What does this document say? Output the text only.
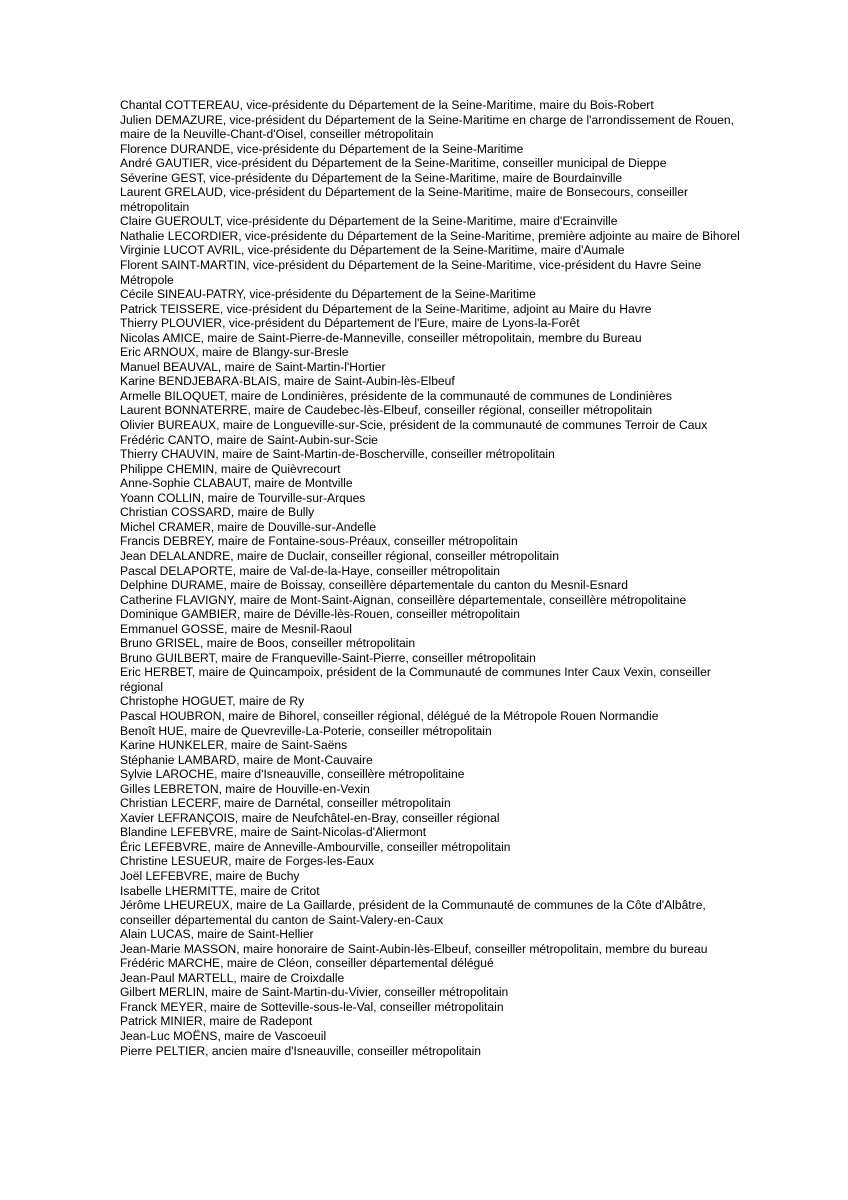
Chantal COTTEREAU, vice-présidente du Département de la Seine-Maritime, maire du Bois-Robert
Julien DEMAZURE, vice-président du Département de la Seine-Maritime en charge de l'arrondissement de Rouen, maire de la Neuville-Chant-d'Oisel, conseiller métropolitain
Florence DURANDE, vice-présidente du Département de la Seine-Maritime
André GAUTIER, vice-président du Département de la Seine-Maritime, conseiller municipal de Dieppe
Séverine GEST, vice-présidente du Département de la Seine-Maritime, maire de Bourdainville
Laurent GRELAUD, vice-président du Département de la Seine-Maritime, maire de Bonsecours, conseiller métropolitain
Claire GUEROULT, vice-présidente du Département de la Seine-Maritime, maire d'Ecrainville
Nathalie LECORDIER, vice-présidente du Département de la Seine-Maritime, première adjointe au maire de Bihorel
Virginie LUCOT AVRIL, vice-présidente du Département de la Seine-Maritime, maire d'Aumale
Florent SAINT-MARTIN, vice-président du Département de la Seine-Maritime, vice-président du Havre Seine Métropole
Cécile SINEAU-PATRY, vice-présidente du Département de la Seine-Maritime
Patrick TEISSERE, vice-président du Département de la Seine-Maritime, adjoint au Maire du Havre
Thierry PLOUVIER, vice-président du Département de l'Eure, maire de Lyons-la-Forêt
Nicolas AMICE, maire de Saint-Pierre-de-Manneville, conseiller métropolitain, membre du Bureau
Eric ARNOUX, maire de Blangy-sur-Bresle
Manuel BEAUVAL, maire de Saint-Martin-l'Hortier
Karine BENDJEBARA-BLAIS, maire de Saint-Aubin-lès-Elbeuf
Armelle BILOQUET, maire de Londinières, présidente de la communauté de communes de Londinières
Laurent BONNATERRE, maire de Caudebec-lès-Elbeuf, conseiller régional, conseiller métropolitain
Olivier BUREAUX, maire de Longueville-sur-Scie, président de la communauté de communes Terroir de Caux
Frédéric CANTO, maire de Saint-Aubin-sur-Scie
Thierry CHAUVIN, maire de Saint-Martin-de-Boscherville, conseiller métropolitain
Philippe CHEMIN, maire de Quièvrecourt
Anne-Sophie CLABAUT, maire de Montville
Yoann COLLIN, maire de Tourville-sur-Arques
Christian COSSARD, maire de Bully
Michel CRAMER, maire de Douville-sur-Andelle
Francis DEBREY, maire de Fontaine-sous-Préaux, conseiller métropolitain
Jean DELALANDRE, maire de Duclair, conseiller régional, conseiller métropolitain
Pascal DELAPORTE, maire de Val-de-la-Haye, conseiller métropolitain
Delphine DURAME, maire de Boissay, conseillère départementale du canton du Mesnil-Esnard
Catherine FLAVIGNY, maire de Mont-Saint-Aignan, conseillère départementale, conseillère métropolitaine
Dominique GAMBIER, maire de Déville-lès-Rouen, conseiller métropolitain
Emmanuel GOSSE, maire de Mesnil-Raoul
Bruno GRISEL, maire de Boos, conseiller métropolitain
Bruno GUILBERT, maire de Franqueville-Saint-Pierre, conseiller métropolitain
Eric HERBET, maire de Quincampoix, président de la Communauté de communes Inter Caux Vexin, conseiller régional
Christophe HOGUET, maire de Ry
Pascal HOUBRON, maire de Bihorel, conseiller régional, délégué de la Métropole Rouen Normandie
Benoît HUE, maire de Quevreville-La-Poterie, conseiller métropolitain
Karine HUNKELER, maire de Saint-Saëns
Stéphanie LAMBARD, maire de Mont-Cauvaire
Sylvie LAROCHE, maire d'Isneauville, conseillère métropolitaine
Gilles LEBRETON, maire de Houville-en-Vexin
Christian LECERF, maire de Darnétal, conseiller métropolitain
Xavier LEFRANÇOIS, maire de Neufchâtel-en-Bray, conseiller régional
Blandine LEFEBVRE, maire de Saint-Nicolas-d'Aliermont
Éric LEFEBVRE, maire de Anneville-Ambourville, conseiller métropolitain
Christine LESUEUR, maire de Forges-les-Eaux
Joël LEFEBVRE, maire de Buchy
Isabelle LHERMITTE, maire de Critot
Jérôme LHEUREUX, maire de La Gaillarde, président de la Communauté de communes de la Côte d'Albâtre, conseiller départemental du canton de Saint-Valery-en-Caux
Alain LUCAS, maire de Saint-Hellier
Jean-Marie MASSON, maire honoraire de Saint-Aubin-lès-Elbeuf, conseiller métropolitain, membre du bureau
Frédéric MARCHE, maire de Cléon, conseiller départemental délégué
Jean-Paul MARTELL, maire de Croixdalle
Gilbert MERLIN, maire de Saint-Martin-du-Vivier, conseiller métropolitain
Franck MEYER, maire de Sotteville-sous-le-Val, conseiller métropolitain
Patrick MINIER, maire de Radepont
Jean-Luc MOËNS, maire de Vascoeuil
Pierre PELTIER, ancien maire d'Isneauville, conseiller métropolitain
